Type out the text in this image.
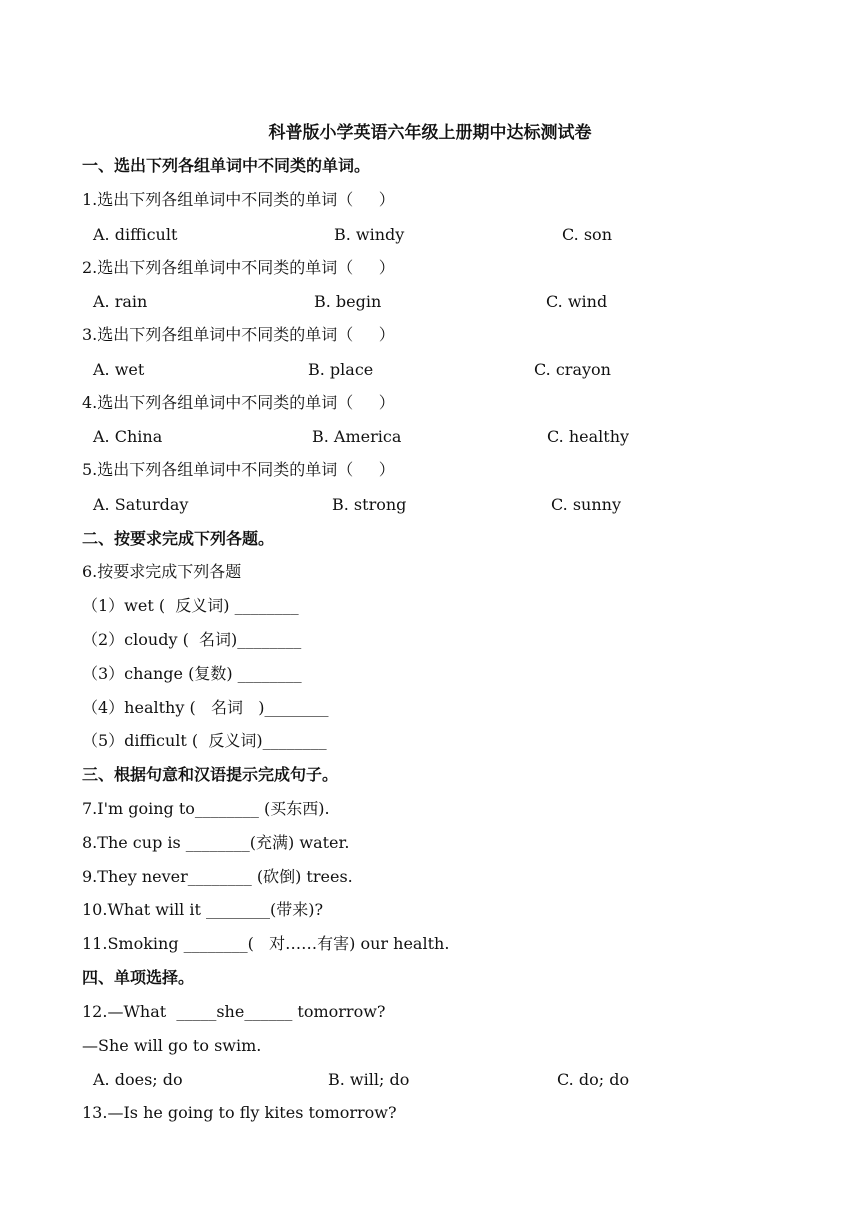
科普版小学英语六年级上册期中达标测试卷
一、选出下列各组单词中不同类的单词。
1.选出下列各组单词中不同类的单词（     ）
A. difficult	B. windy	C. son
2.选出下列各组单词中不同类的单词（     ）
A. rain	B. begin	C. wind
3.选出下列各组单词中不同类的单词（     ）
A. wet	B. place	C. crayon
4.选出下列各组单词中不同类的单词（     ）
A. China	B. America	C. healthy
5.选出下列各组单词中不同类的单词（     ）
A. Saturday	B. strong	C. sunny
二、按要求完成下列各题。
6.按要求完成下列各题
（1）wet (  反义词) ________
（2）cloudy (  名词)________
（3）change (复数) ________
（4）healthy (   名词   )________
（5）difficult (  反义词)________
三、根据句意和汉语提示完成句子。
7.I'm going to________ (买东西).
8.The cup is ________(充满) water.
9.They never________ (砍倒) trees.
10.What will it ________(带来)?
11.Smoking ________(   对……有害) our health.
四、单项选择。
12.—What  _____she______ tomorrow?
—She will go to swim.
A. does; do	B. will; do	C. do; do
13.—Is he going to fly kites tomorrow?
